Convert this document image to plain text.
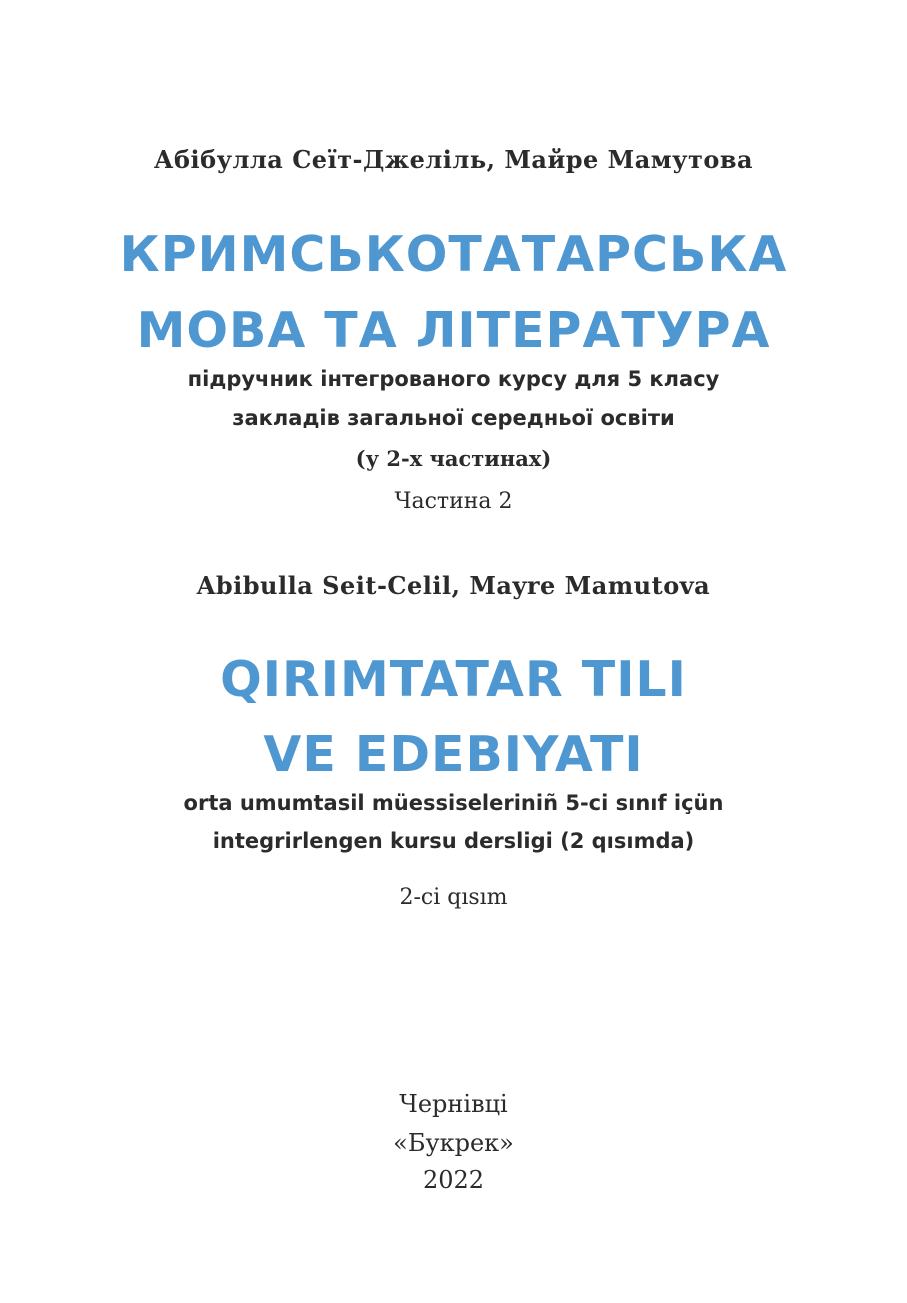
Абібулла Сеїт-Джеліль, Майре Мамутова

КРИМСЬКОТАТАРСЬКА

МОВА ТА ЛІТЕРАТУРА

підручник інтегрованого курсу для 5 класу

закладів загальної середньої освіти

(у 2-х частинах)

Частина 2

Abibulla Seit-Celil, Mayre Mamutova

QIRIMTATAR TILI

VE EDEBIYATI

orta umumtasil müessiseleriniñ 5-ci sınıf içün

integrirlengen kursu dersligi (2 qısımda)

2-ci qısım

Чернівці

«Букрек»

2022
